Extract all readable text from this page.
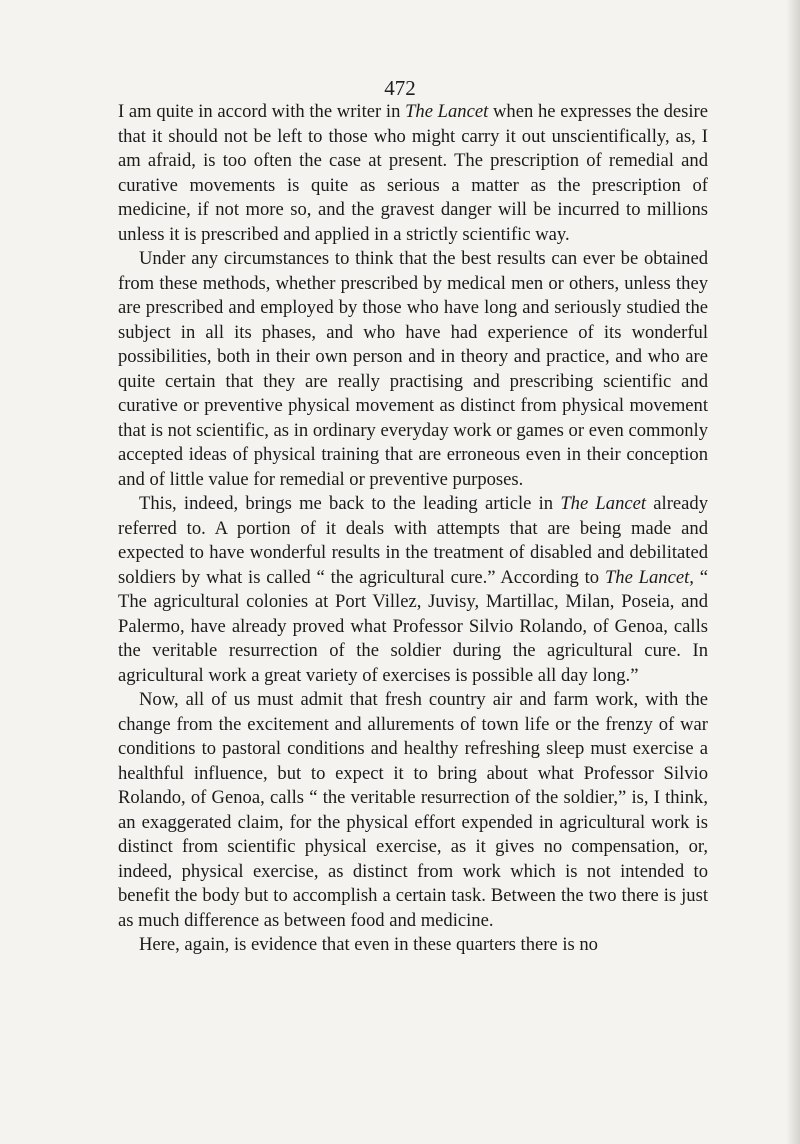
472

I am quite in accord with the writer in The Lancet when he expresses the desire that it should not be left to those who might carry it out unscientifically, as, I am afraid, is too often the case at present. The prescription of remedial and curative movements is quite as serious a matter as the prescription of medicine, if not more so, and the gravest danger will be incurred to millions unless it is prescribed and applied in a strictly scientific way.

Under any circumstances to think that the best results can ever be obtained from these methods, whether prescribed by medical men or others, unless they are prescribed and employed by those who have long and seriously studied the subject in all its phases, and who have had experience of its wonderful possibilities, both in their own person and in theory and practice, and who are quite certain that they are really practising and prescribing scientific and curative or preventive physical movement as distinct from physical movement that is not scientific, as in ordinary everyday work or games or even commonly accepted ideas of physical training that are erroneous even in their conception and of little value for remedial or preventive purposes.

This, indeed, brings me back to the leading article in The Lancet already referred to. A portion of it deals with attempts that are being made and expected to have wonderful results in the treatment of disabled and debilitated soldiers by what is called “ the agricultural cure.” According to The Lancet, “ The agricultural colonies at Port Villez, Juvisy, Martillac, Milan, Poseia, and Palermo, have already proved what Professor Silvio Rolando, of Genoa, calls the veritable resurrection of the soldier during the agricultural cure. In agricultural work a great variety of exercises is possible all day long.”

Now, all of us must admit that fresh country air and farm work, with the change from the excitement and allurements of town life or the frenzy of war conditions to pastoral conditions and healthy refreshing sleep must exercise a healthful influence, but to expect it to bring about what Professor Silvio Rolando, of Genoa, calls “ the veritable resurrection of the soldier,” is, I think, an exaggerated claim, for the physical effort expended in agricultural work is distinct from scientific physical exercise, as it gives no compensation, or, indeed, physical exercise, as distinct from work which is not intended to benefit the body but to accomplish a certain task. Between the two there is just as much difference as between food and medicine.

Here, again, is evidence that even in these quarters there is no
